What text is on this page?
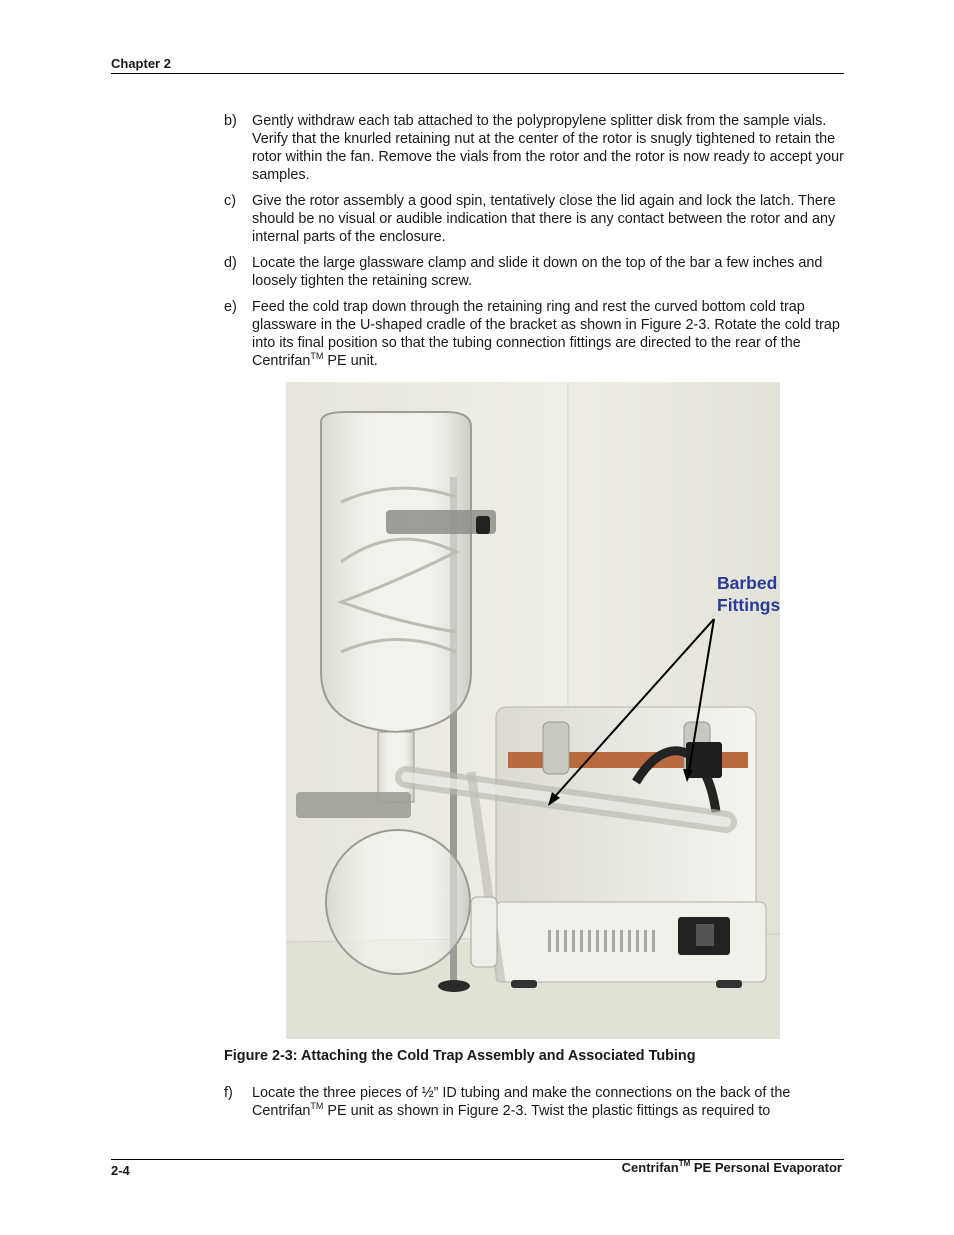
Chapter 2
b)	Gently withdraw each tab attached to the polypropylene splitter disk from the sample vials. Verify that the knurled retaining nut at the center of the rotor is snugly tightened to retain the rotor within the fan. Remove the vials from the rotor and the rotor is now ready to accept your samples.
c)	Give the rotor assembly a good spin, tentatively close the lid again and lock the latch. There should be no visual or audible indication that there is any contact between the rotor and any internal parts of the enclosure.
d)	Locate the large glassware clamp and slide it down on the top of the bar a few inches and loosely tighten the retaining screw.
e)	Feed the cold trap down through the retaining ring and rest the curved bottom cold trap glassware in the U-shaped cradle of the bracket as shown in Figure 2-3. Rotate the cold trap into its final position so that the tubing connection fittings are directed to the rear of the Centrifan™ PE unit.
Barbed
Fittings
Figure 2-3: Attaching the Cold Trap Assembly and Associated Tubing
f)	Locate the three pieces of ½” ID tubing and make the connections on the back of the Centrifan™ PE unit as shown in Figure 2-3. Twist the plastic fittings as required to
2-4	Centrifan™ PE Personal Evaporator
